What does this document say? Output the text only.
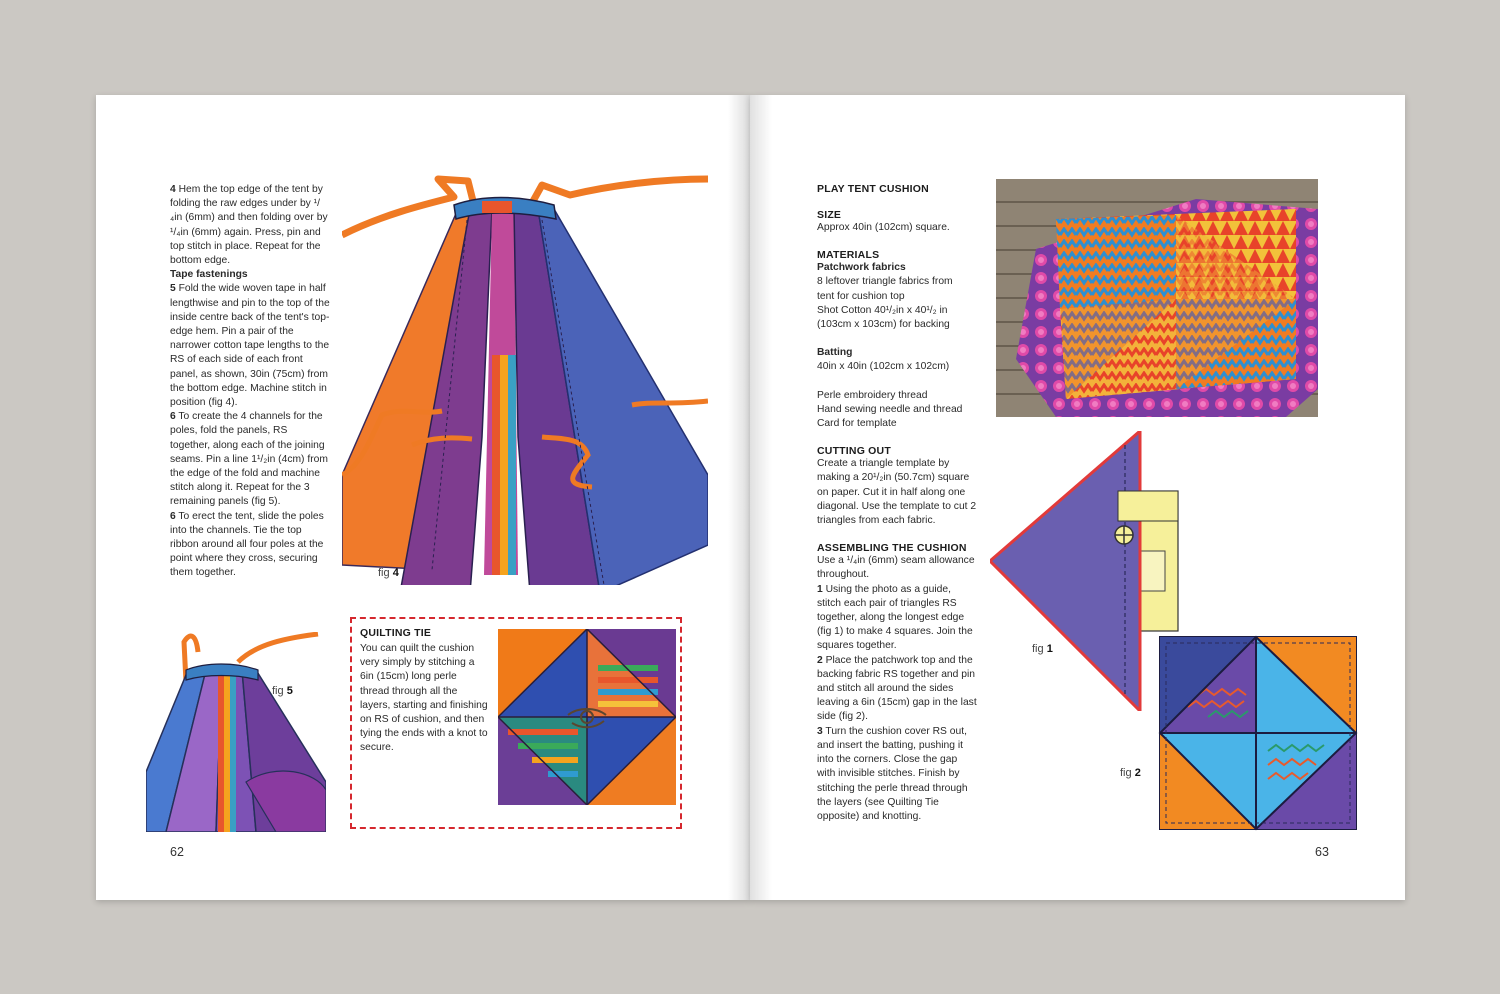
4 Hem the top edge of the tent by folding the raw edges under by ¹/₄in (6mm) and then folding over by ¹/₄in (6mm) again. Press, pin and top stitch in place. Repeat for the bottom edge.

Tape fastenings

5 Fold the wide woven tape in half lengthwise and pin to the top of the inside centre back of the tent's top-edge hem. Pin a pair of the narrower cotton tape lengths to the RS of each side of each front panel, as shown, 30in (75cm) from the bottom edge. Machine stitch in position (fig 4).

6 To create the 4 channels for the poles, fold the panels, RS together, along each of the joining seams. Pin a line 1¹/₂in (4cm) from the edge of the fold and machine stitch along it. Repeat for the 3 remaining panels (fig 5).

6 To erect the tent, slide the poles into the channels. Tie the top ribbon around all four poles at the point where they cross, securing them together.	fig 4
fig 5
QUILTING TIE
You can quilt the cushion very simply by stitching a 6in (15cm) long perle thread through all the layers, starting and finishing on RS of cushion, and then tying the ends with a knot to secure.
62
PLAY TENT CUSHION
SIZE
Approx 40in (102cm) square.
MATERIALS

Patchwork fabrics

8 leftover triangle fabrics from

tent for cushion top

Shot Cotton 40¹/₂in x 40¹/₂ in

(103cm x 103cm) for backing

Batting

40in x 40in (102cm x 102cm)

Perle embroidery thread

Hand sewing needle and thread

Card for template

CUTTING OUT
Create a triangle template by making a 20¹/₂in (50.7cm) square on paper. Cut it in half along one diagonal. Use the template to cut 2 triangles from each fabric.
ASSEMBLING THE CUSHION

Use a ¹/₄in (6mm) seam allowance throughout.

1 Using the photo as a guide, stitch each pair of triangles RS together, along the longest edge (fig 1) to make 4 squares. Join the squares together.

2 Place the patchwork top and the backing fabric RS together and pin and stitch all around the sides leaving a 6in (15cm) gap in the last side (fig 2).

3 Turn the cushion cover RS out, and insert the batting, pushing it into the corners. Close the gap with invisible stitches. Finish by stitching the perle thread through the layers (see Quilting Tie opposite) and knotting.

fig 1
fig 2
63
